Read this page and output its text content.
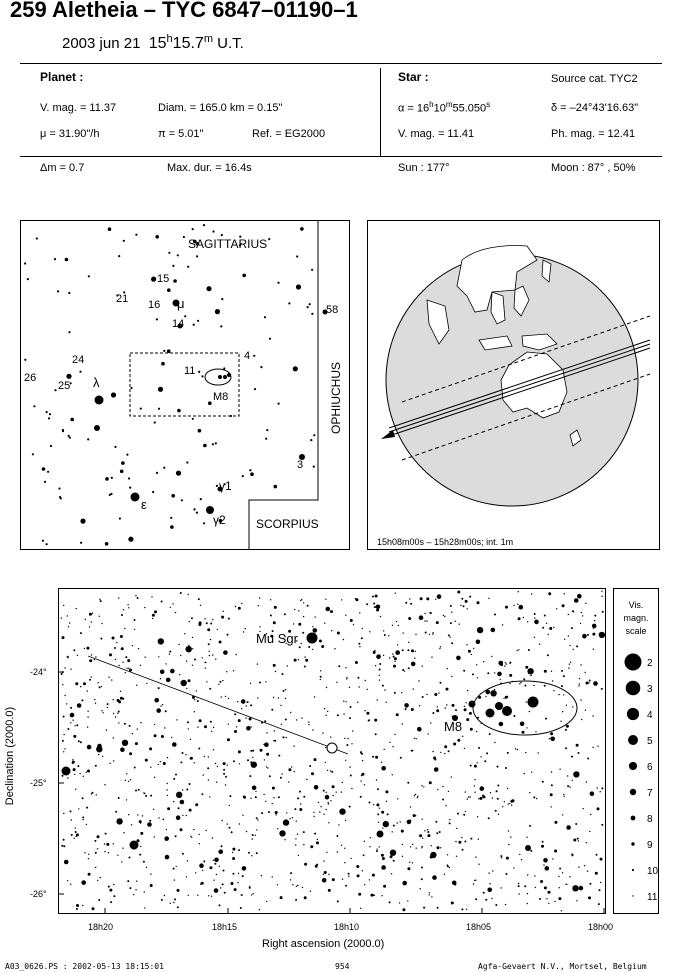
259 Aletheia – TYC 6847–01190–1
2003 jun 21 15$^h$15.7$^m$ U.T.
Planet :
V. mag. = 11.37	Diam. = 165.0 km = 0.15"
μ = 31.90"/h	π = 5.01"	Ref. = EG2000
Star :	Source cat. TYC2
$\alpha = 16^h10^m55.050^s$	δ = –24°43'16.63"
V. mag. = 11.41	Ph. mag. = 12.41
Δm = 0.7	Max. dur. = 16.4s	Sun : 177°	Moon : 87° , 50%
SAGITTARIUS
OPHIUCHUS
SCORPIUS
15
21 16 μ
14
58
24
25
26	λ
11
4
M8
3
γ1
ε
γ2
15h08m00s – 15h28m00s; int. 1m
Mu Sgr
M8
-24°
-25°
-26°
18h20	18h15	18h10	18h05	18h00
Right ascension (2000.0)
Declination (2000.0)
Vis.
magn.
scale
2
3
4
5
6
7
8
9
10
11
A03_0626.PS : 2002-05-13 18:15:01	954	Agfa-Gevaert N.V., Mortsel, Belgium
